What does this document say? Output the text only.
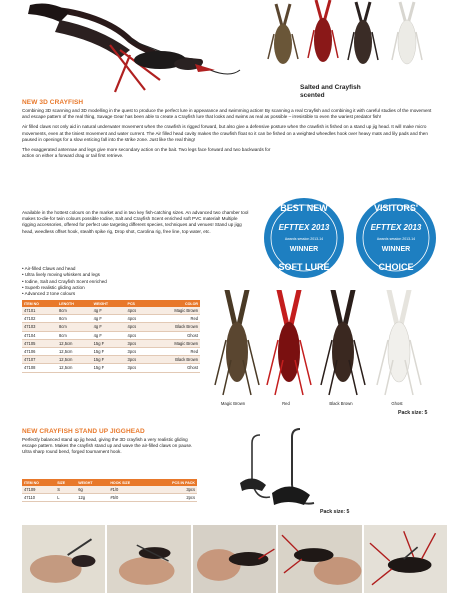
Salted and Crayfish scented
NEW 3D CRAYFISH

Combining 3D scanning and 3D modelling in the quest to produce the perfect lure in appearance and swimming action! By scanning a real Crayfish and combining it with careful studies of the movement and escape pattern of the real thing, Savage Gear has been able to create a Crayfish lure that looks and swims as real as possible – irresistible to even the wariest predator fish!

Air filled claws not only aid in natural underwater movement when the crawfish is rigged forward, but also give a defensive posture when the crawfish is fished on a stand up jig head. It will make micro movements, even at the tiniest movement and water current. The Air filled head cavity makes the crawfish float so it can be fished on a weighted wheedles hook over heavy mats and lily pads and then paused in openings for a slow enticing fall into the strike zone. Just like the real thing!

The exaggerated antennae and legs give more secondary action on the bait. Two legs face forward and two backwards for action on either a forward drag or tail first retrieve.

Available in the hottest colours on the market and in two key fish-catching sizes. An advanced two chamber tool makes to-die-for twin colours possible Iodine, Salt and Crayfish Scent enriched soft PVC material! Multiple rigging accessories, offered for perfect use targeting different species, techniques and venues! Stand up jigg head, weedless offset hook, stealth spike rig, Drop shot, Carolina rig, free line, top water, etc.

• Air-filled Claws and head
• Ultra lively moving whiskers and legs
• Iodine, Salt and Crayfish Scent enriched
• Superb realistic gliding action
• Advanced 2 tone colours
ITEM NO	LENGTH	WEIGHT	PCS	COLOR
47101	8cm	4g F	4pcs	Magic Brown
47102	8cm	4g F	4pcs	Red
47103	8cm	4g F	4pcs	Black Brown
47104	8cm	4g F	4pcs	Ghost
47105	12,5cm	15g F	3pcs	Magic Brown
47106	12,5cm	15g F	3pcs	Red
47107	12,5cm	15g F	3pcs	Black Brown
47108	12,5cm	15g F	3pcs	Ghost
Pack size: 5
BEST NEW
EFTTEX 2013
Awards session 2013-14
WINNER
SOFT LURE
VISITORS'
EFTTEX 2013
Awards session 2013-14
WINNER
CHOICE
Magic Brown	Red	Black Brown	Ghost
NEW CRAYFISH STAND UP JIGGHEAD
Perfectly balanced stand up jig head, giving the 3D crayfish a very realistic gliding escape pattern. Makes the crayfish stand up and wave the air-filled claws on pause. Ultra sharp round bend, forged tournament hook.
ITEM NO	SIZE	WEIGHT	HOOK SIZE	PCS IN PACK
47109	S	6g	#1/0	3pcs
47110	L	12g	#5/0	2pcs
Pack size: 5
